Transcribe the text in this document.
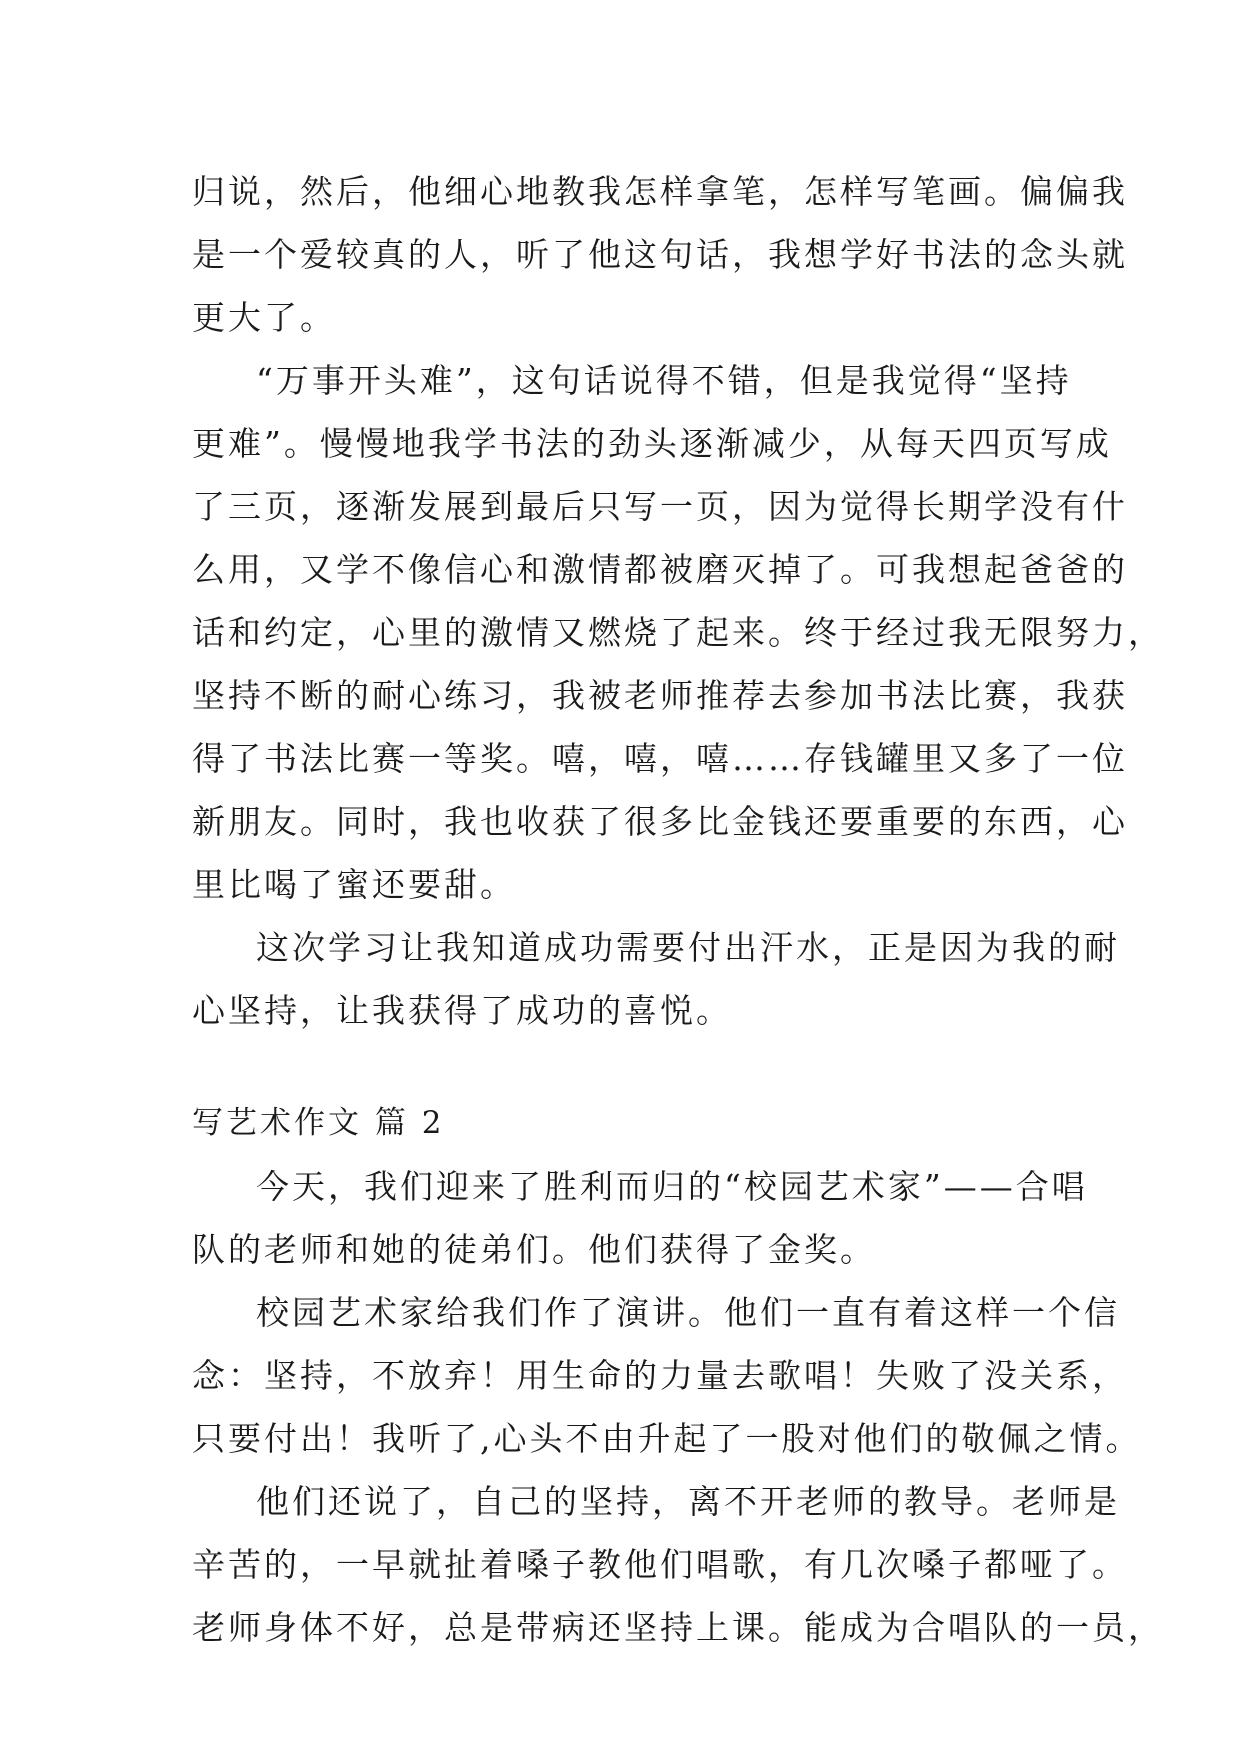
归说，然后，他细心地教我怎样拿笔，怎样写笔画。偏偏我
是一个爱较真的人，听了他这句话，我想学好书法的念头就
更大了。
“万事开头难”，这句话说得不错，但是我觉得“坚持
更难”。慢慢地我学书法的劲头逐渐减少，从每天四页写成
了三页，逐渐发展到最后只写一页，因为觉得长期学没有什
么用，又学不像信心和激情都被磨灭掉了。可我想起爸爸的
话和约定，心里的激情又燃烧了起来。终于经过我无限努力，
坚持不断的耐心练习，我被老师推荐去参加书法比赛，我获
得了书法比赛一等奖。嘻，嘻，嘻……存钱罐里又多了一位
新朋友。同时，我也收获了很多比金钱还要重要的东西，心
里比喝了蜜还要甜。
这次学习让我知道成功需要付出汗水，正是因为我的耐
心坚持，让我获得了成功的喜悦。
写艺术作文 篇 2
今天，我们迎来了胜利而归的“校园艺术家”——合唱
队的老师和她的徒弟们。他们获得了金奖。
校园艺术家给我们作了演讲。他们一直有着这样一个信
念：坚持，不放弃！用生命的力量去歌唱！失败了没关系，
只要付出！我听了,心头不由升起了一股对他们的敬佩之情。
他们还说了，自己的坚持，离不开老师的教导。老师是
辛苦的，一早就扯着嗓子教他们唱歌，有几次嗓子都哑了。
老师身体不好，总是带病还坚持上课。能成为合唱队的一员，
